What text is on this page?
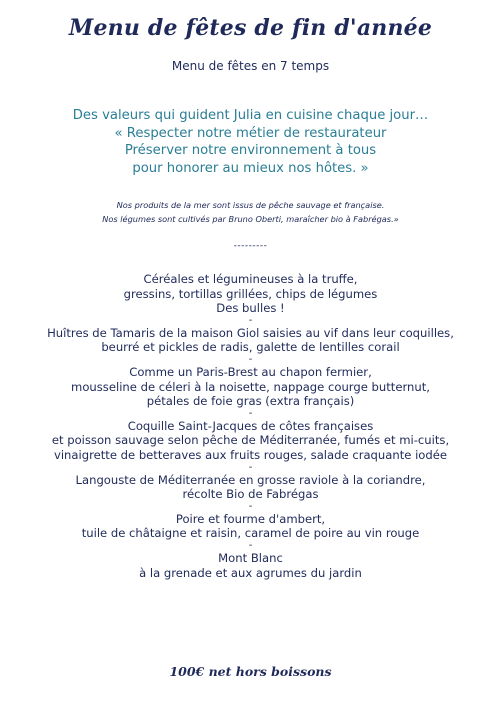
Menu de fêtes de fin d'année
Menu de fêtes en 7 temps
Des valeurs qui guident Julia en cuisine chaque jour…
« Respecter notre métier de restaurateur
Préserver notre environnement à tous
pour honorer au mieux nos hôtes. »
Nos produits de la mer sont issus de pêche sauvage et française.
Nos légumes sont cultivés par Bruno Oberti, maraîcher bio à Fabrégas.»
---------
Céréales et légumineuses à la truffe,
gressins, tortillas grillées, chips de légumes
Des bulles !
-
Huîtres de Tamaris de la maison Giol saisies au vif dans leur coquilles,
beurré et pickles de radis, galette de lentilles corail
-
Comme un Paris-Brest au chapon fermier,
mousseline de céleri à la noisette, nappage courge butternut,
pétales de foie gras (extra français)
-
Coquille Saint-Jacques de côtes françaises
et poisson sauvage selon pêche de Méditerranée, fumés et mi-cuits,
vinaigrette de betteraves aux fruits rouges, salade craquante iodée
-
Langouste de Méditerranée en grosse raviole à la coriandre,
récolte Bio de Fabrégas
-
Poire et fourme d'ambert,
tuile de châtaigne et raisin, caramel de poire au vin rouge
-
Mont Blanc
à la grenade et aux agrumes du jardin
100€ net hors boissons
